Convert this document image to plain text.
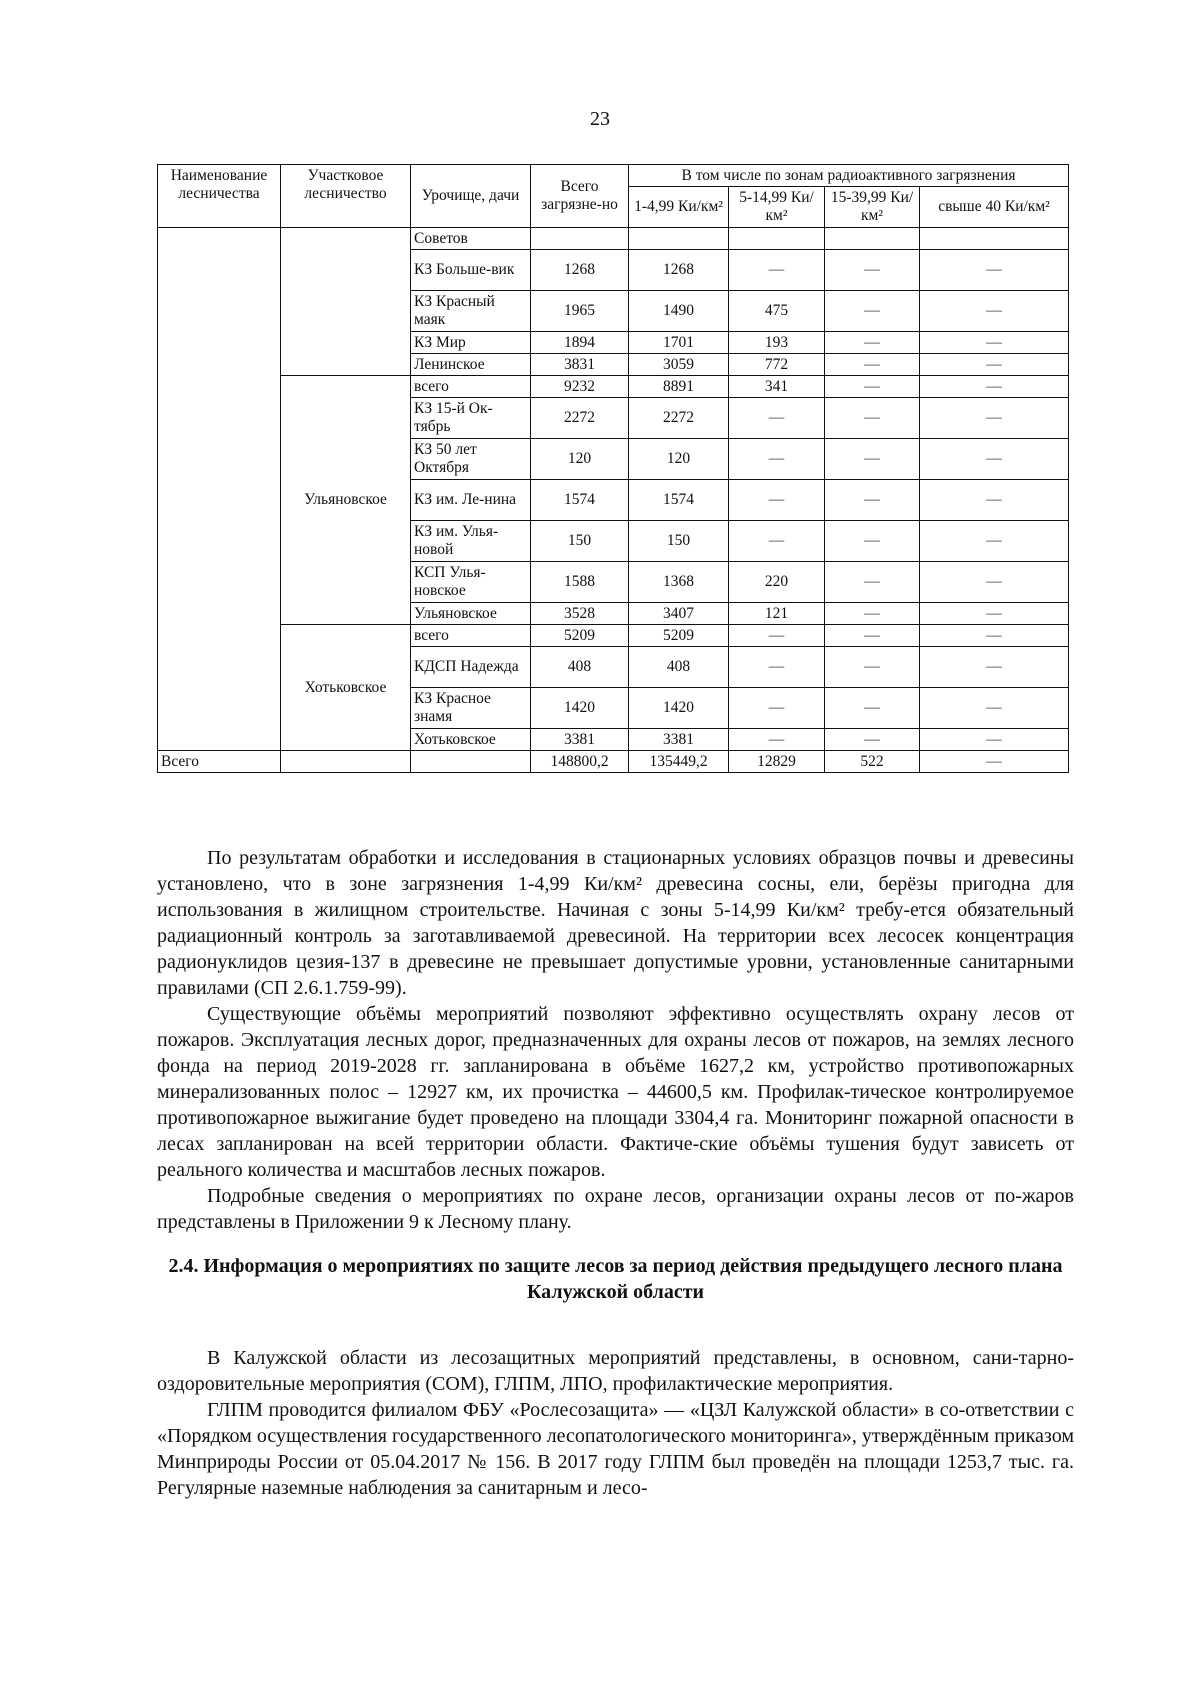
23
Наименование лесничества	Участковое лесничество	Урочище, дачи	Всего загрязне-но	В том числе по зонам радиоактивного загрязнения			
				1-4,99 Ки/км²	5-14,99 Ки/км²	15-39,99 Ки/км²	свыше 40 Ки/км²
		Советов					
		КЗ Больше-вик	1268	1268	—	—	—
		КЗ Красный маяк	1965	1490	475	—	—
		КЗ Мир	1894	1701	193	—	—
		Ленинское	3831	3059	772	—	—
	Ульяновское	всего	9232	8891	341	—	—
		КЗ 15-й Ок-тябрь	2272	2272	—	—	—
		КЗ 50 лет Октября	120	120	—	—	—
		КЗ им. Ле-нина	1574	1574	—	—	—
		КЗ им. Улья-новой	150	150	—	—	—
		КСП Улья-новское	1588	1368	220	—	—
		Ульяновское	3528	3407	121	—	—
	Хотьковское	всего	5209	5209	—	—	—
		КДСП Надежда	408	408	—	—	—
		КЗ Красное знамя	1420	1420	—	—	—
		Хотьковское	3381	3381	—	—	—
Всего			148800,2	135449,2	12829	522	—

По результатам обработки и исследования в стационарных условиях образцов почвы и древесины установлено, что в зоне загрязнения 1-4,99 Ки/км² древесина сосны, ели, берёзы пригодна для использования в жилищном строительстве. Начиная с зоны 5-14,99 Ки/км² требу-ется обязательный радиационный контроль за заготавливаемой древесиной. На территории всех лесосек концентрация радионуклидов цезия-137 в древесине не превышает допустимые уровни, установленные санитарными правилами (СП 2.6.1.759-99).

Существующие объёмы мероприятий позволяют эффективно осуществлять охрану лесов от пожаров. Эксплуатация лесных дорог, предназначенных для охраны лесов от пожаров, на землях лесного фонда на период 2019-2028 гг. запланирована в объёме 1627,2 км, устройство противопожарных минерализованных полос – 12927 км, их прочистка – 44600,5 км. Профилак-тическое контролируемое противопожарное выжигание будет проведено на площади 3304,4 га. Мониторинг пожарной опасности в лесах запланирован на всей территории области. Фактиче-ские объёмы тушения будут зависеть от реального количества и масштабов лесных пожаров.

Подробные сведения о мероприятиях по охране лесов, организации охраны лесов от по-жаров представлены в Приложении 9 к Лесному плану.

2.4. Информация о мероприятиях по защите лесов за период действия предыдущего лесного плана Калужской области

В Калужской области из лесозащитных мероприятий представлены, в основном, сани-тарно-оздоровительные мероприятия (СОМ), ГЛПМ, ЛПО, профилактические мероприятия.

ГЛПМ проводится филиалом ФБУ «Рослесозащита» — «ЦЗЛ Калужской области» в со-ответствии с «Порядком осуществления государственного лесопатологического мониторинга», утверждённым приказом Минприроды России от 05.04.2017 № 156. В 2017 году ГЛПМ был проведён на площади 1253,7 тыс. га. Регулярные наземные наблюдения за санитарным и лесо-
